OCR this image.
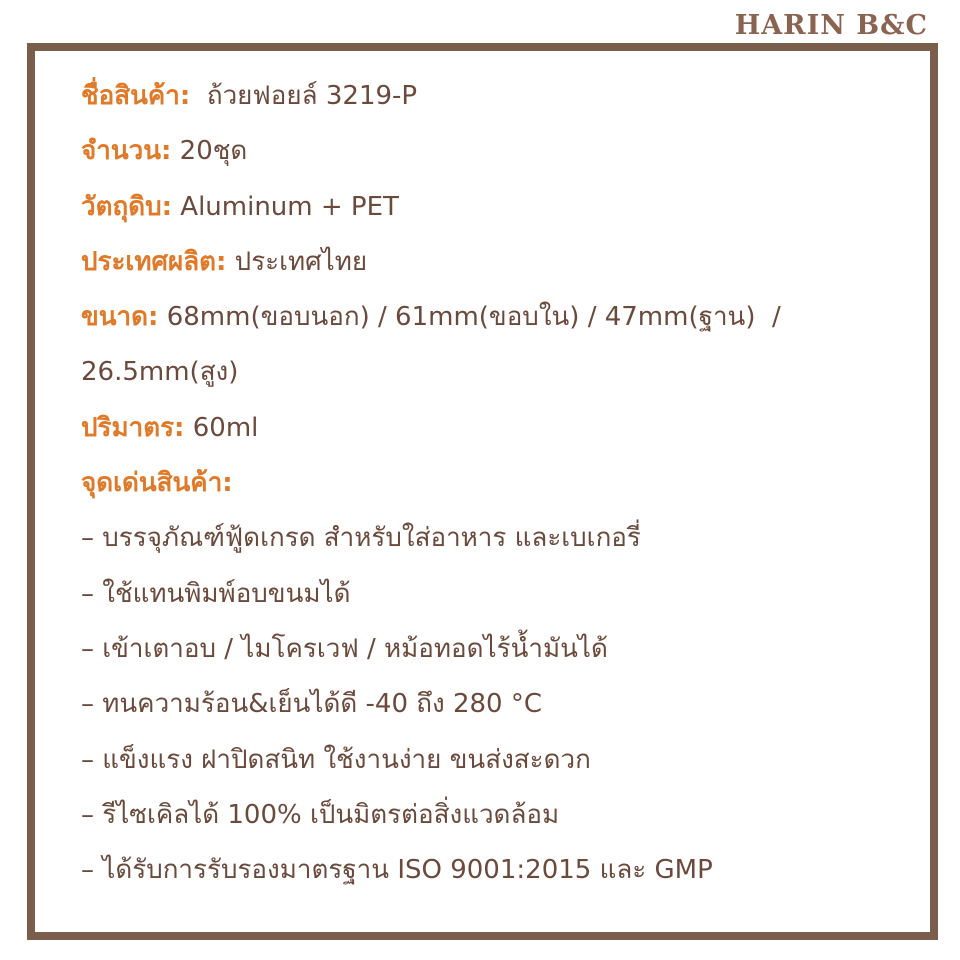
HARIN B&C
ชื่อสินค้า:  ถ้วยฟอยล์ 3219-P
จำนวน: 20ชุด
วัตถุดิบ: Aluminum + PET
ประเทศผลิต: ประเทศไทย
ขนาด: 68mm(ขอบนอก) / 61mm(ขอบใน) / 47mm(ฐาน)  /
26.5mm(สูง)
ปริมาตร: 60ml
จุดเด่นสินค้า:
– บรรจุภัณฑ์ฟู้ดเกรด สำหรับใส่อาหาร และเบเกอรี่
– ใช้แทนพิมพ์อบขนมได้
– เข้าเตาอบ / ไมโครเวฟ / หม้อทอดไร้น้ำมันได้
– ทนความร้อน&เย็นได้ดี -40 ถึง 280 °C
– แข็งแรง ฝาปิดสนิท ใช้งานง่าย ขนส่งสะดวก
– รีไซเคิลได้ 100% เป็นมิตรต่อสิ่งแวดล้อม
– ได้รับการรับรองมาตรฐาน ISO 9001:2015 และ GMP
